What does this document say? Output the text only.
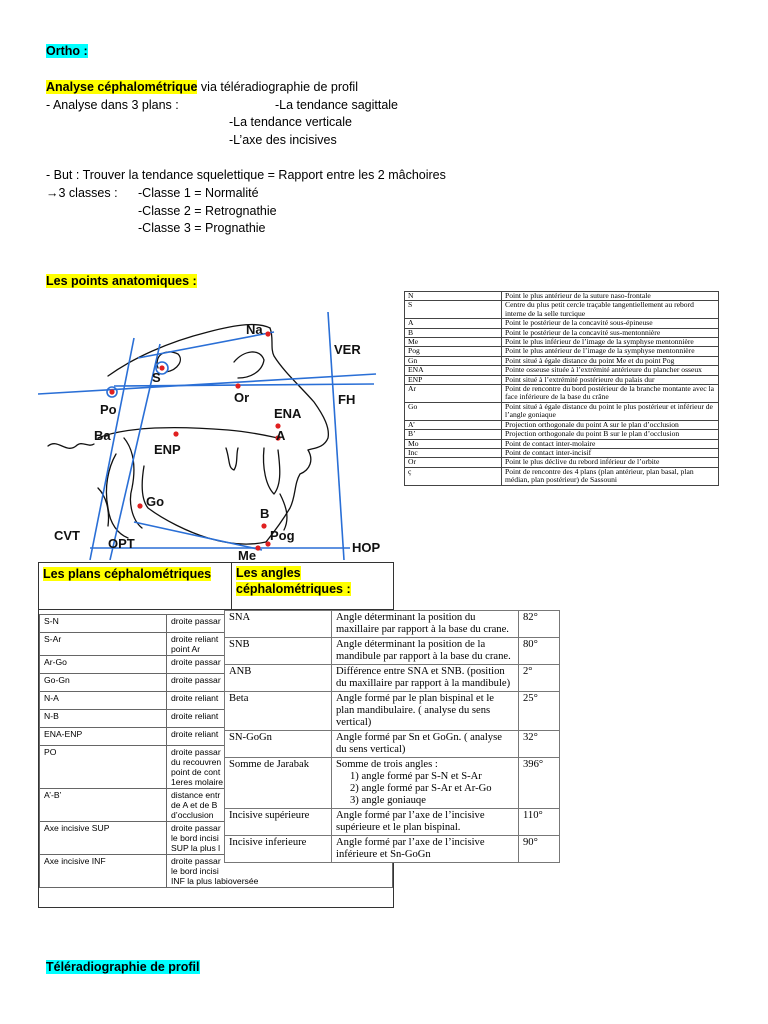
Ortho :
Analyse céphalométrique via téléradiographie de profil
- Analyse dans 3 plans :	-La tendance sagittale
-La tendance verticale
-L’axe des incisives
- But : Trouver la tendance squelettique = Rapport entre les 2 mâchoires
→3 classes : -Classe 1 = Normalité
-Classe 2 = Retrognathie
-Classe 3 = Prognathie
Les points anatomiques :
Na
S
Po
Ba
Or
ENA
A
ENP
Go
B
Pog
Me
CVT
OPT
VER
FH
HOP
N	Point le plus antérieur de la suture naso-frontale
S	Centre du plus petit cercle traçable tangentiellement au rebord interne de la selle turcique
A	Point le postérieur de la concavité sous-épineuse
B	Point le postérieur de la concavité sus-mentonnière
Me	Point le plus inférieur de l’image de la symphyse mentonnière
Pog	Point le plus antérieur de l’image de la symphyse mentonnière
Gn	Point situé à égale distance du point Me et du point Pog
ENA	Pointe osseuse située à l’extrémité antérieure du plancher osseux
ENP	Point situé à l’extrémité postérieure du palais dur
Ar	Point de rencontre du bord postérieur de la branche montante avec la face inférieure de la base du crâne
Go	Point situé à égale distance du point le plus postérieur et inférieur de l’angle goniaque
A’	Projection orthogonale du point A sur le plan d’occlusion
B’	Projection orthogonale du point B sur le plan d’occlusion
Mo	Point de contact inter-molaire
Inc	Point de contact inter-incisif
Or	Point le plus déclive du rebord inférieur de l’orbite
ç	Point de rencontre des 4 plans (plan antérieur, plan basal, plan médian, plan postérieur) de Sassouni
Les plans céphalométriques	Les angles
céphalométriques :
S-N	droite passar

S-Ar	droite reliant
point Ar

Ar-Go	droite passar

Go-Gn	droite passar

N-A	droite reliant

N-B	droite reliant

ENA-ENP	droite reliant

PO	droite passar
du recouvren
point de cont
1eres molaire

A’-B’	distance entr
de A et de B
d’occlusion

Axe incisive SUP	droite passar
le bord incisi
SUP la plus l

Axe incisive INF	droite passar
le bord incisi
INF la plus labioversée
SNA	Angle déterminant la position du maxillaire par rapport à la base du crane.	82°
SNB	Angle déterminant la position de la mandibule par rapport à la base du crane.	80°
ANB	Différence entre SNA et SNB. (position du maxillaire par rapport à la mandibule)	2°
Beta	Angle formé par le plan bispinal et le plan mandibulaire. ( analyse du sens vertical)	25°
SN-GoGn	Angle formé par Sn et GoGn. ( analyse du sens vertical)	32°
Somme de Jarabak	Somme de trois angles :
1) angle formé par S-N et S-Ar
2) angle formé par S-Ar et Ar-Go
3) angle goniauqe	396°
Incisive supérieure	Angle formé par l’axe de l’incisive supérieure et le plan bispinal.	110°
Incisive inferieure	Angle formé par l’axe de l’incisive inférieure et Sn-GoGn	90°
Téléradiographie de profil
